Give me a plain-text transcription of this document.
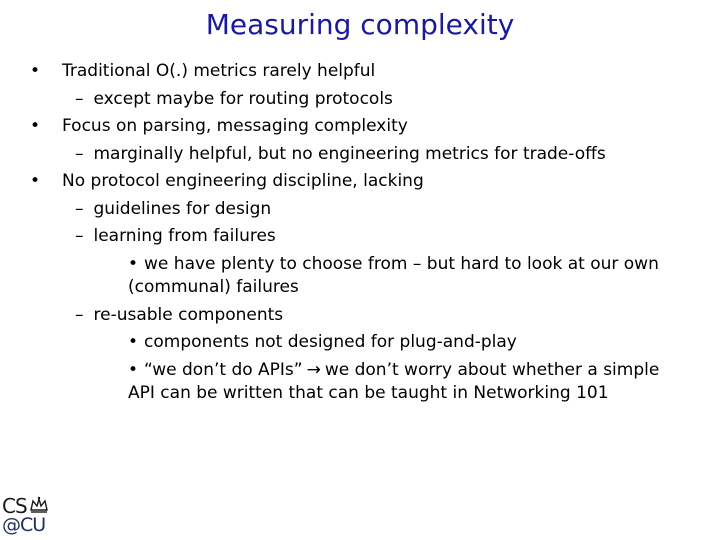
Measuring complexity
• Traditional O(.) metrics rarely helpful
– except maybe for routing protocols
• Focus on parsing, messaging complexity
– marginally helpful, but no engineering metrics for trade-offs
• No protocol engineering discipline, lacking
– guidelines for design
– learning from failures
• we have plenty to choose from – but hard to look at our own
(communal) failures
– re-usable components
• components not designed for plug-and-play
• “we don’t do APIs” → we don’t worry about whether a simple
API can be written that can be taught in Networking 101
CS
@CU
